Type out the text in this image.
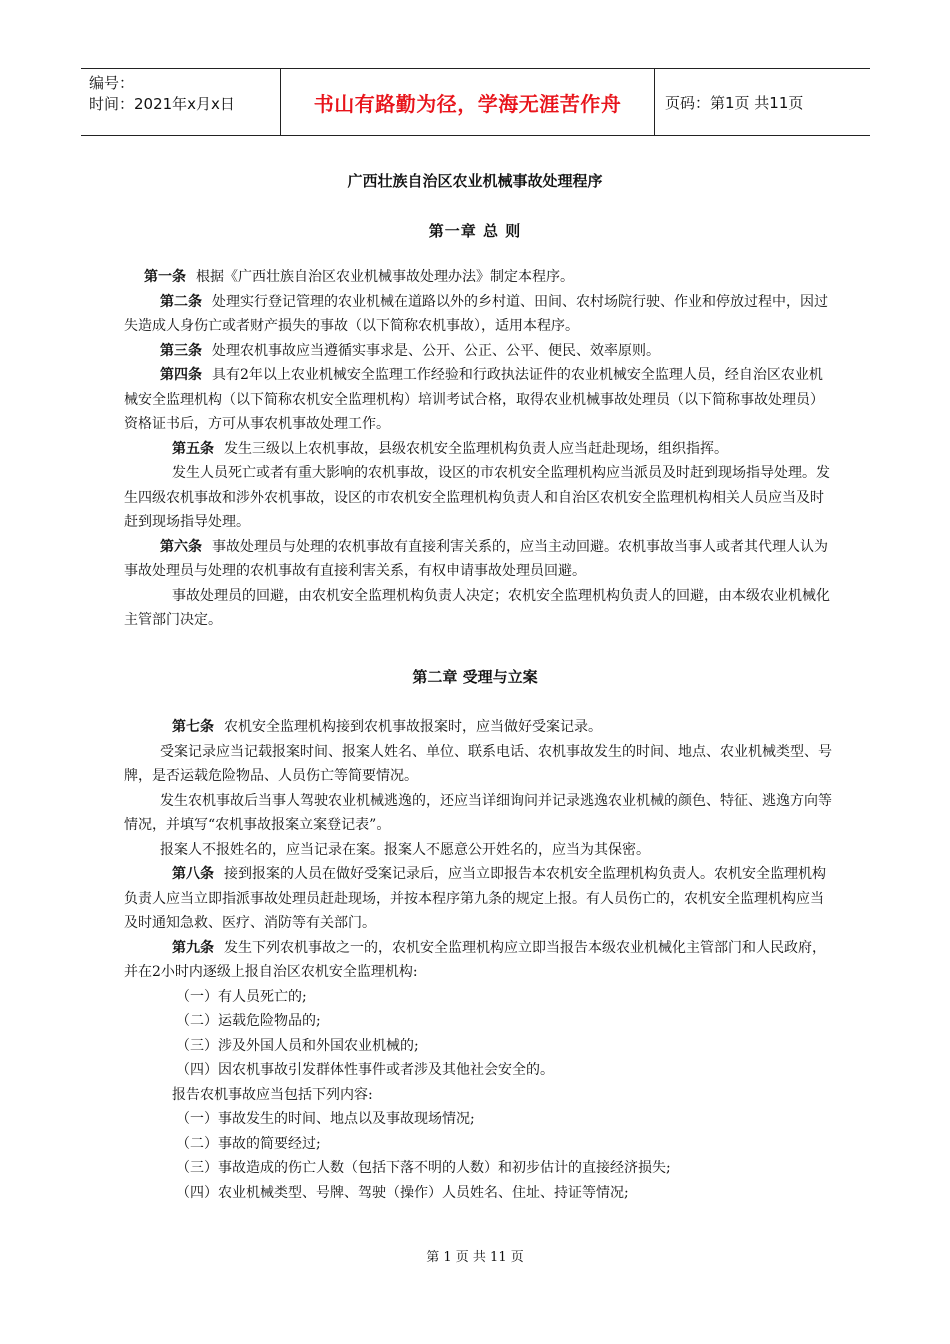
编号：
时间：2021年x月x日	书山有路勤为径，学海无涯苦作舟	页码：第1页 共11页
广西壮族自治区农业机械事故处理程序
第一章 总 则

第一条 根据《广西壮族自治区农业机械事故处理办法》制定本程序。

第二条 处理实行登记管理的农业机械在道路以外的乡村道、田间、农村场院行驶、作业和停放过程中，因过失造成人身伤亡或者财产损失的事故（以下简称农机事故），适用本程序。

第三条 处理农机事故应当遵循实事求是、公开、公正、公平、便民、效率原则。

第四条 具有2年以上农业机械安全监理工作经验和行政执法证件的农业机械安全监理人员，经自治区农业机械安全监理机构（以下简称农机安全监理机构）培训考试合格，取得农业机械事故处理员（以下简称事故处理员）资格证书后，方可从事农机事故处理工作。

第五条 发生三级以上农机事故，县级农机安全监理机构负责人应当赶赴现场，组织指挥。

发生人员死亡或者有重大影响的农机事故，设区的市农机安全监理机构应当派员及时赶到现场指导处理。发生四级农机事故和涉外农机事故，设区的市农机安全监理机构负责人和自治区农机安全监理机构相关人员应当及时赶到现场指导处理。

第六条 事故处理员与处理的农机事故有直接利害关系的，应当主动回避。农机事故当事人或者其代理人认为事故处理员与处理的农机事故有直接利害关系，有权申请事故处理员回避。

事故处理员的回避，由农机安全监理机构负责人决定；农机安全监理机构负责人的回避，由本级农业机械化主管部门决定。

第二章 受理与立案

第七条 农机安全监理机构接到农机事故报案时，应当做好受案记录。

受案记录应当记载报案时间、报案人姓名、单位、联系电话、农机事故发生的时间、地点、农业机械类型、号牌，是否运载危险物品、人员伤亡等简要情况。

发生农机事故后当事人驾驶农业机械逃逸的，还应当详细询问并记录逃逸农业机械的颜色、特征、逃逸方向等情况，并填写“农机事故报案立案登记表”。

报案人不报姓名的，应当记录在案。报案人不愿意公开姓名的，应当为其保密。

第八条 接到报案的人员在做好受案记录后，应当立即报告本农机安全监理机构负责人。农机安全监理机构负责人应当立即指派事故处理员赶赴现场，并按本程序第九条的规定上报。有人员伤亡的，农机安全监理机构应当及时通知急救、医疗、消防等有关部门。

第九条 发生下列农机事故之一的，农机安全监理机构应立即当报告本级农业机械化主管部门和人民政府，并在2小时内逐级上报自治区农机安全监理机构:

（一）有人员死亡的;

（二）运载危险物品的;

（三）涉及外国人员和外国农业机械的;

（四）因农机事故引发群体性事件或者涉及其他社会安全的。

报告农机事故应当包括下列内容:

（一）事故发生的时间、地点以及事故现场情况;

（二）事故的简要经过;

（三）事故造成的伤亡人数（包括下落不明的人数）和初步估计的直接经济损失;

（四）农业机械类型、号牌、驾驶（操作）人员姓名、住址、持证等情况;

第 1 页 共 11 页
